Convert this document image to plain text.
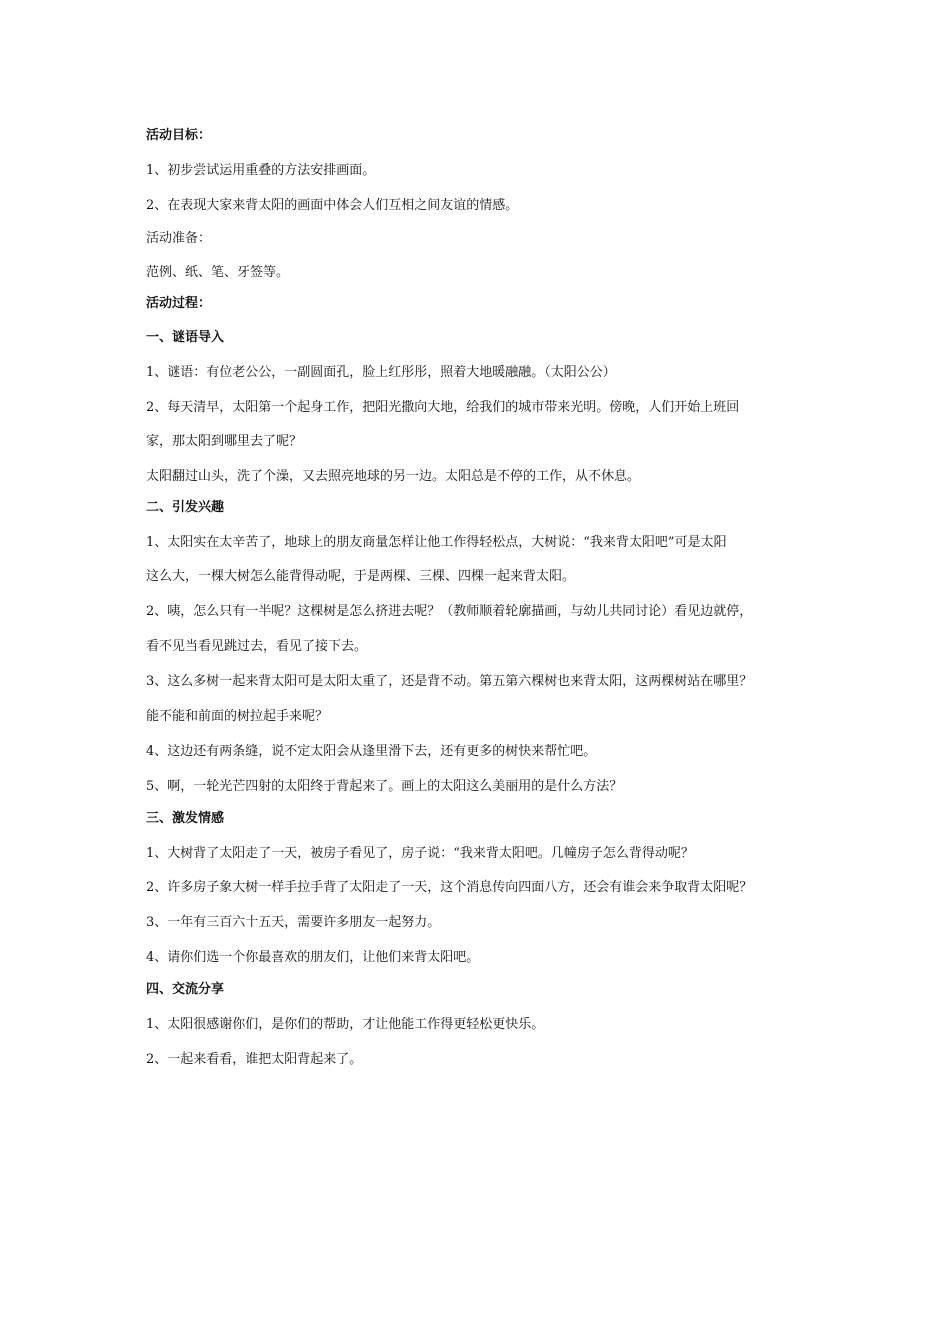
活动目标：
1、初步尝试运用重叠的方法安排画面。
2、在表现大家来背太阳的画面中体会人们互相之间友谊的情感。
活动准备：
范例、纸、笔、牙签等。
活动过程：
一、谜语导入
1、谜语：有位老公公，一副圆面孔，脸上红彤彤，照着大地暖融融。（太阳公公）
2、每天清早，太阳第一个起身工作，把阳光撒向大地，给我们的城市带来光明。傍晚，人们开始上班回
家，那太阳到哪里去了呢？
太阳翻过山头，洗了个澡，又去照亮地球的另一边。太阳总是不停的工作，从不休息。
二、引发兴趣
1、太阳实在太辛苦了，地球上的朋友商量怎样让他工作得轻松点，大树说：“我来背太阳吧”可是太阳
这么大，一棵大树怎么能背得动呢，于是两棵、三棵、四棵一起来背太阳。
2、咦，怎么只有一半呢？这棵树是怎么挤进去呢？（教师顺着轮廓描画，与幼儿共同讨论）看见边就停，
看不见当看见跳过去，看见了接下去。
3、这么多树一起来背太阳可是太阳太重了，还是背不动。第五第六棵树也来背太阳，这两棵树站在哪里？
能不能和前面的树拉起手来呢？
4、这边还有两条缝，说不定太阳会从逢里滑下去，还有更多的树快来帮忙吧。
5、啊，一轮光芒四射的太阳终于背起来了。画上的太阳这么美丽用的是什么方法？
三、激发情感
1、大树背了太阳走了一天，被房子看见了，房子说：“我来背太阳吧。几幢房子怎么背得动呢？
2、许多房子象大树一样手拉手背了太阳走了一天，这个消息传向四面八方，还会有谁会来争取背太阳呢？
3、一年有三百六十五天，需要许多朋友一起努力。
4、请你们选一个你最喜欢的朋友们，让他们来背太阳吧。
四、交流分享
1、太阳很感谢你们，是你们的帮助，才让他能工作得更轻松更快乐。
2、一起来看看，谁把太阳背起来了。
